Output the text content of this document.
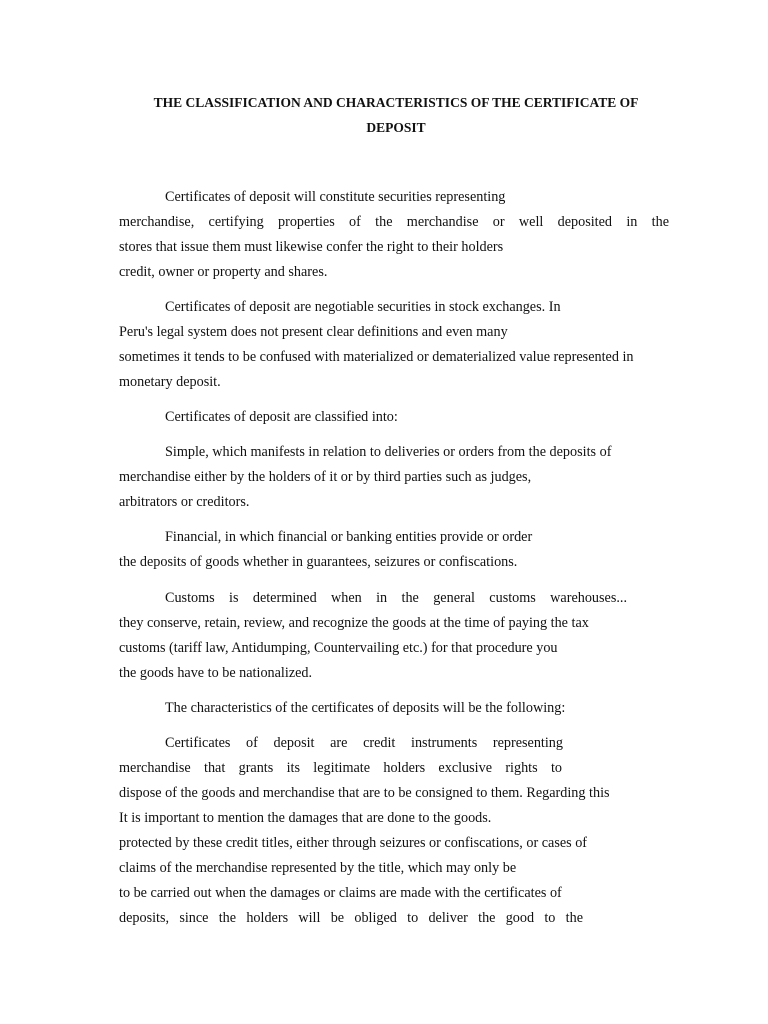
THE CLASSIFICATION AND CHARACTERISTICS OF THE CERTIFICATE OF
DEPOSIT
Certificates of deposit will constitute securities representing
merchandise, certifying properties of the merchandise or well deposited in the
stores that issue them must likewise confer the right to their holders
credit, owner or property and shares.
Certificates of deposit are negotiable securities in stock exchanges. In
Peru's legal system does not present clear definitions and even many
sometimes it tends to be confused with materialized or dematerialized value represented in
monetary deposit.
Certificates of deposit are classified into:
Simple, which manifests in relation to deliveries or orders from the deposits of
merchandise either by the holders of it or by third parties such as judges,
arbitrators or creditors.
Financial, in which financial or banking entities provide or order
the deposits of goods whether in guarantees, seizures or confiscations.
Customs is determined when in the general customs warehouses...
they conserve, retain, review, and recognize the goods at the time of paying the tax
customs (tariff law, Antidumping, Countervailing etc.) for that procedure you
the goods have to be nationalized.
The characteristics of the certificates of deposits will be the following:
Certificates of deposit are credit instruments representing
merchandise that grants its legitimate holders exclusive rights to
dispose of the goods and merchandise that are to be consigned to them. Regarding this
It is important to mention the damages that are done to the goods.
protected by these credit titles, either through seizures or confiscations, or cases of
claims of the merchandise represented by the title, which may only be
to be carried out when the damages or claims are made with the certificates of
deposits, since the holders will be obliged to deliver the good to the
